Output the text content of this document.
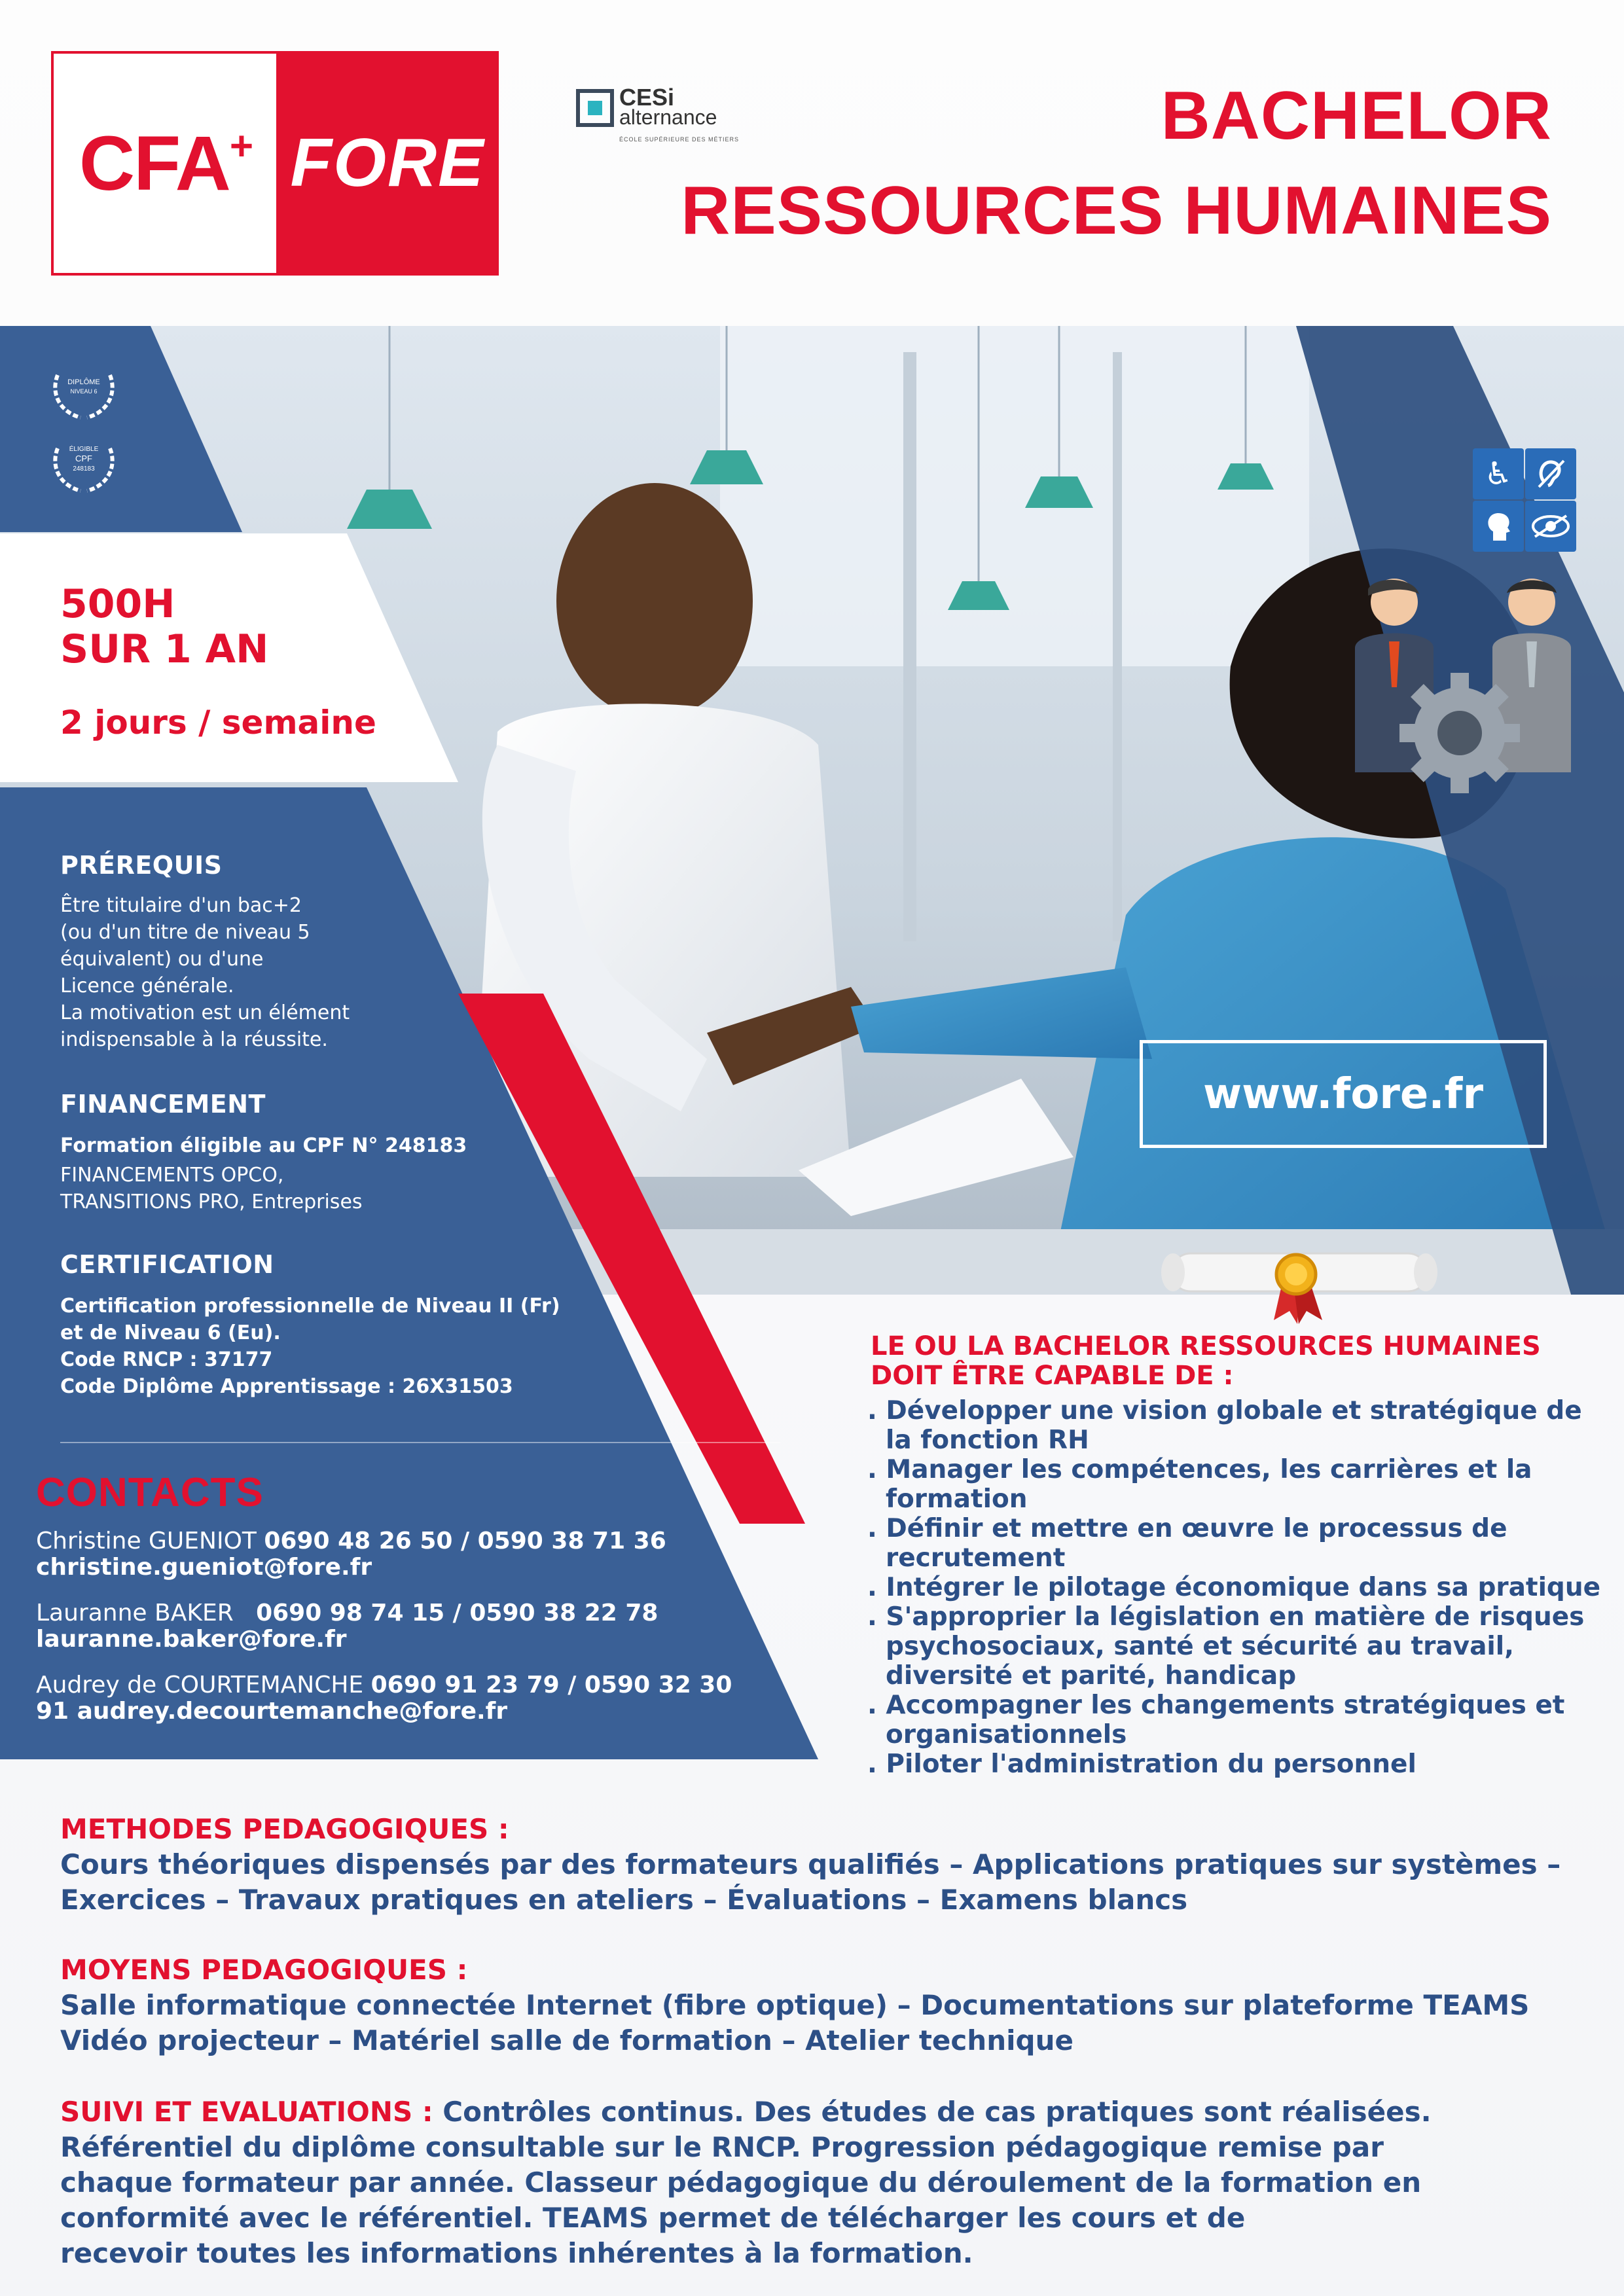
CFA+ FORE
CESi
alternance
ÉCOLE SUPÉRIEURE DES MÉTIERS	BACHELOR
RESSOURCES HUMAINES
DIPLÔME
NIVEAU 6
ÉLIGIBLE
CPF
248183
500H
SUR 1 AN
2 jours / semaine
PRÉREQUIS
Être titulaire d'un bac+2
(ou d'un titre de niveau 5
équivalent) ou d'une
Licence générale.
La motivation est un élément
indispensable à la réussite.
FINANCEMENT
Formation éligible au CPF N° 248183
FINANCEMENTS OPCO,
TRANSITIONS PRO, Entreprises
CERTIFICATION
Certification professionnelle de Niveau II (Fr)
et de Niveau 6 (Eu).
Code RNCP : 37177
Code Diplôme Apprentissage : 26X31503
CONTACTS
Christine GUENIOT 0690 48 26 50 / 0590 38 71 36
christine.gueniot@fore.fr
Lauranne BAKER 0690 98 74 15 / 0590 38 22 78
lauranne.baker@fore.fr
Audrey de COURTEMANCHE 0690 91 23 79 / 0590 32 30
91 audrey.decourtemanche@fore.fr
♿
www.fore.fr
LE OU LA BACHELOR RESSOURCES HUMAINES
DOIT ÊTRE CAPABLE DE :
. Développer une vision globale et stratégique de la fonction RH
. Manager les compétences, les carrières et la formation
. Définir et mettre en œuvre le processus de recrutement
. Intégrer le pilotage économique dans sa pratique
. S'approprier la législation en matière de risques psychosociaux, santé et sécurité au travail, diversité et parité, handicap
. Accompagner les changements stratégiques et organisationnels
. Piloter l'administration du personnel
METHODES PEDAGOGIQUES :
Cours théoriques dispensés par des formateurs qualifiés – Applications pratiques sur systèmes –
Exercices – Travaux pratiques en ateliers – Évaluations – Examens blancs
MOYENS PEDAGOGIQUES :
Salle informatique connectée Internet (fibre optique) – Documentations sur plateforme TEAMS
Vidéo projecteur – Matériel salle de formation – Atelier technique
SUIVI ET EVALUATIONS : Contrôles continus. Des études de cas pratiques sont réalisées.
Référentiel du diplôme consultable sur le RNCP. Progression pédagogique remise par
chaque formateur par année. Classeur pédagogique du déroulement de la formation en
conformité avec le référentiel. TEAMS permet de télécharger les cours et de
recevoir toutes les informations inhérentes à la formation.
